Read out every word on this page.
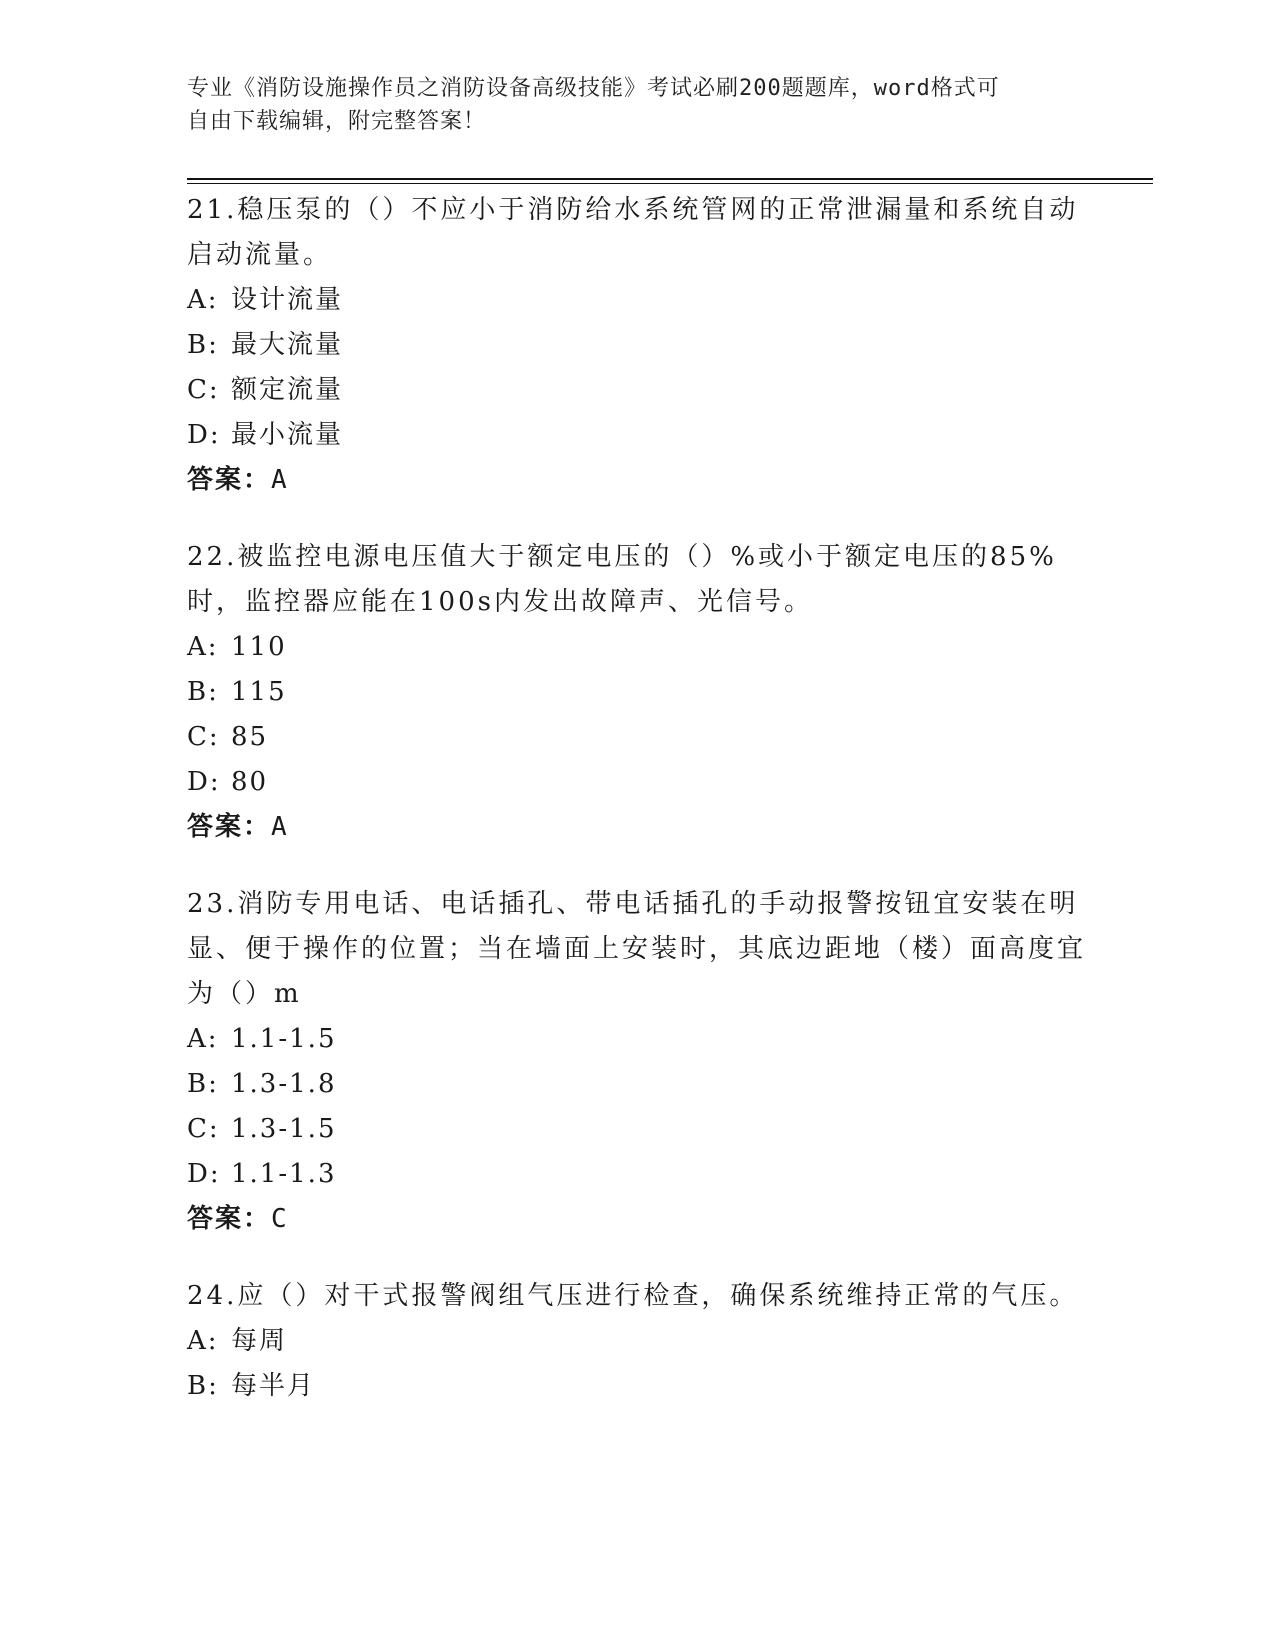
专业《消防设施操作员之消防设备高级技能》考试必刷200题题库，word格式可
自由下载编辑，附完整答案！

21.稳压泵的（）不应小于消防给水系统管网的正常泄漏量和系统自动启动流量。

A: 设计流量

B: 最大流量

C: 额定流量

D: 最小流量

答案：A

22.被监控电源电压值大于额定电压的（）%或小于额定电压的85%时，监控器应能在100s内发出故障声、光信号。

A: 110

B: 115

C: 85

D: 80

答案：A

23.消防专用电话、电话插孔、带电话插孔的手动报警按钮宜安装在明显、便于操作的位置；当在墙面上安装时，其底边距地（楼）面高度宜为（）m

A: 1.1-1.5

B: 1.3-1.8

C: 1.3-1.5

D: 1.1-1.3

答案：C

24.应（）对干式报警阀组气压进行检查，确保系统维持正常的气压。

A: 每周

B: 每半月
